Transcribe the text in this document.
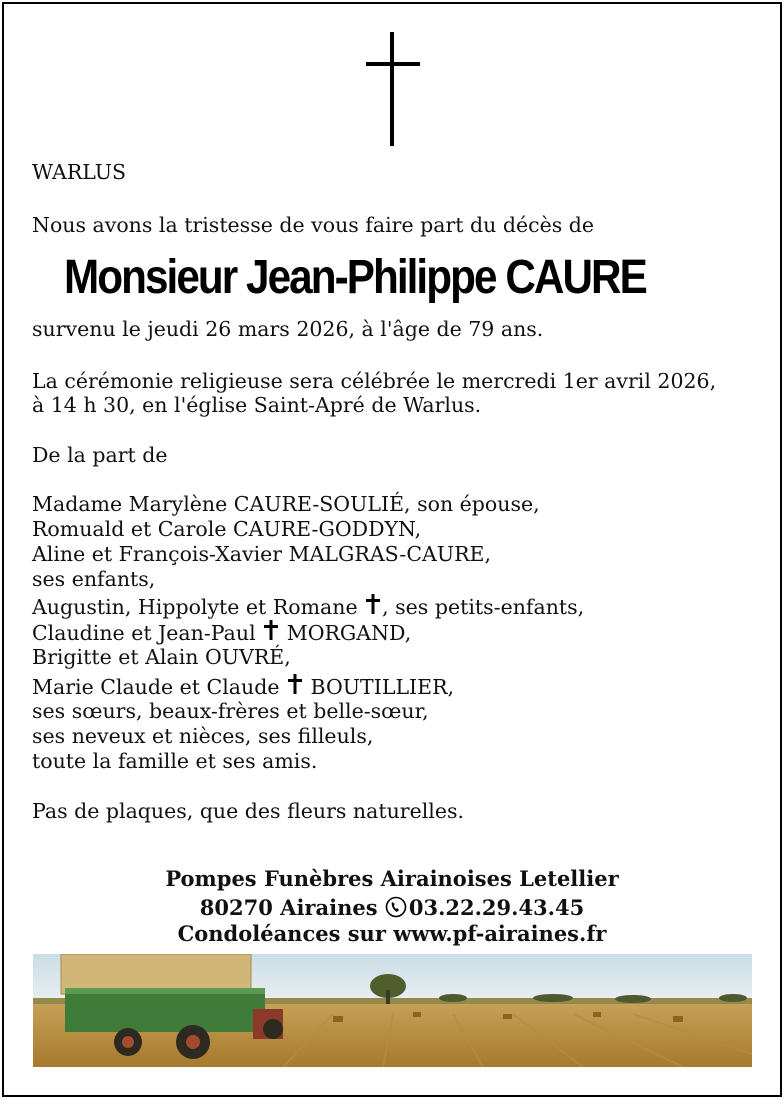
WARLUS
Nous avons la tristesse de vous faire part du décès de
Monsieur Jean-Philippe CAURE
survenu le jeudi 26 mars 2026, à l'âge de 79 ans.
La cérémonie religieuse sera célébrée le mercredi 1er avril 2026,
à 14 h 30, en l'église Saint-Apré de Warlus.
De la part de
Madame Marylène CAURE-SOULIÉ, son épouse,
Romuald et Carole CAURE-GODDYN,
Aline et François-Xavier MALGRAS-CAURE,
ses enfants,
Augustin, Hippolyte et Romane , ses petits-enfants,
Claudine et Jean-Paul MORGAND,
Brigitte et Alain OUVRÉ,
Marie Claude et Claude BOUTILLIER,
ses sœurs, beaux-frères et belle-sœur,
ses neveux et nièces, ses filleuls,
toute la famille et ses amis.
Pas de plaques, que des fleurs naturelles.
Pompes Funèbres Airainoises Letellier
80270 Airaines 03.22.29.43.45
Condoléances sur www.pf-airaines.fr
